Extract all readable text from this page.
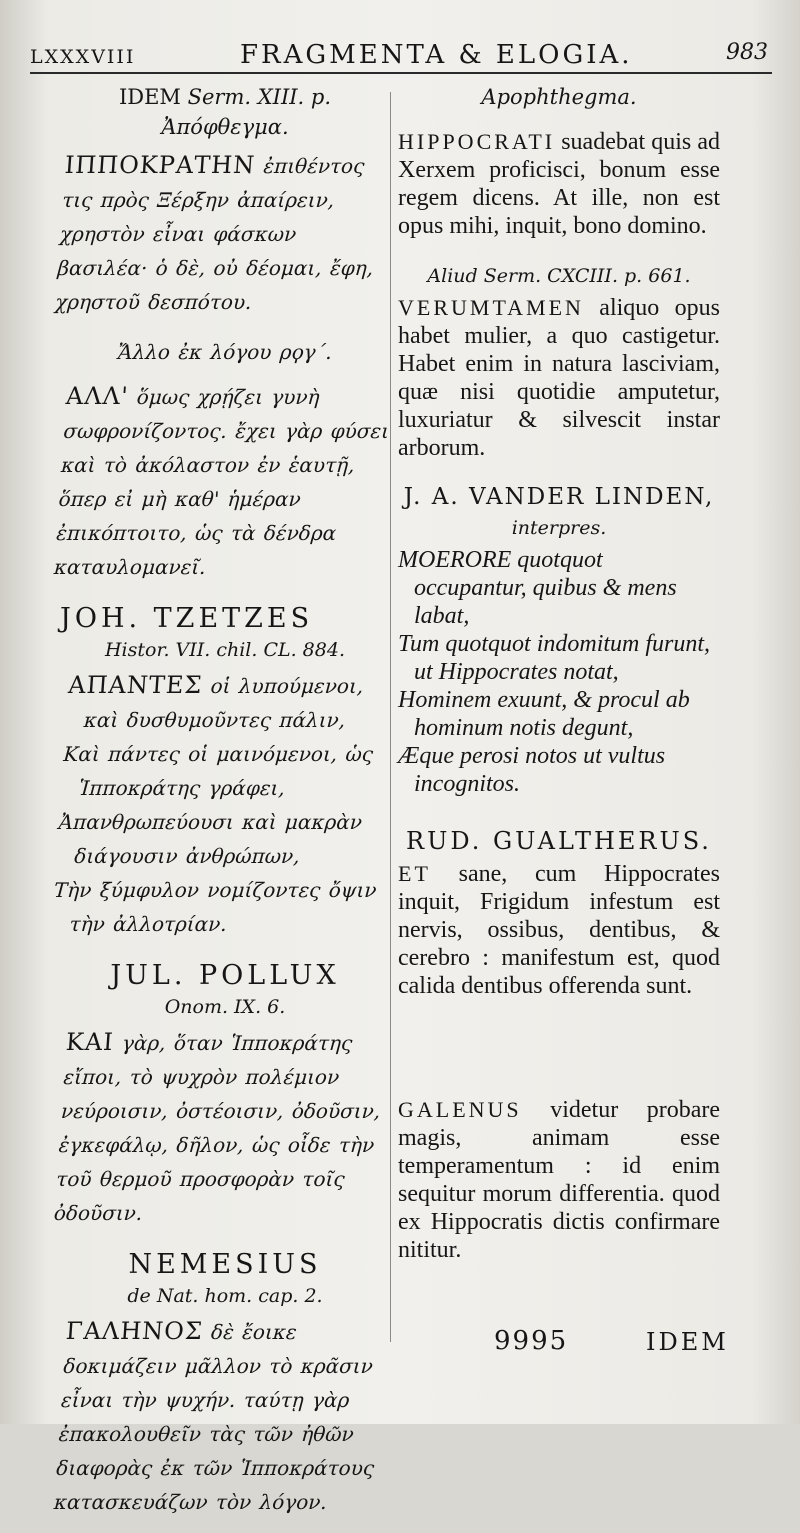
LXXXVIII	FRAGMENTA & ELOGIA.	983
IDEM Serm. XIII. p.
Ἀπόφθεγμα.
ΙΠΠΟΚΡΑΤΗΝ ἐπιθέντος τις πρὸς Ξέρξην ἀπαίρειν, χρηστὸν εἶναι φάσκων βασιλέα· ὁ δὲ, οὐ δέομαι, ἔφη, χρηστοῦ δεσπότου.
Ἄλλο ἐκ λόγου ρϙγ΄.
ΑΛΛ' ὅμως χρῄζει γυνὴ σωφρονίζοντος. ἔχει γὰρ φύσει καὶ τὸ ἀκόλαστον ἐν ἑαυτῇ, ὅπερ εἰ μὴ καθ' ἡμέραν ἐπικόπτοιτο, ὡς τὰ δένδρα καταυλομανεῖ.
JOH. TZETZES
Histor. VII. chil. CL. 884.

ΑΠΑΝΤΕΣ οἱ λυπούμενοι, καὶ δυσθυμοῦντες πάλιν,

Καὶ πάντες οἱ μαινόμενοι, ὡς Ἱπποκράτης γράφει,

Ἀπανθρωπεύουσι καὶ μακρὰν διάγουσιν ἀνθρώπων,

Τὴν ξύμφυλον νομίζοντες ὄψιν τὴν ἀλλοτρίαν.

JUL. POLLUX
Onom. IX. 6.
ΚΑΙ γὰρ, ὅταν Ἱπποκράτης εἴποι, τὸ ψυχρὸν πολέμιον νεύροισιν, ὀστέοισιν, ὀδοῦσιν, ἐγκεφάλῳ, δῆλον, ὡς οἶδε τὴν τοῦ θερμοῦ προσφορὰν τοῖς ὀδοῦσιν.
NEMESIUS
de Nat. hom. cap. 2.
ΓΑΛΗΝΟΣ δὲ ἔοικε δοκιμάζειν μᾶλλον τὸ κρᾶσιν εἶναι τὴν ψυχήν. ταύτῃ γὰρ ἐπακολουθεῖν τὰς τῶν ἠθῶν διαφορὰς ἐκ τῶν Ἱπποκράτους κατασκευάζων τὸν λόγον.
Apophthegma.
HIPPOCRATI suadebat quis ad Xerxem proficisci, bonum esse regem dicens. At ille, non est opus mihi, inquit, bono domino.
Aliud Serm. CXCIII. p. 661.
VERUMTAMEN aliquo opus habet mulier, a quo castigetur. Habet enim in natura lasciviam, quæ nisi quotidie amputetur, luxuriatur & silvescit instar arborum.
J. A. VANDER LINDEN,
interpres.
MOERORE quotquot occupantur, quibus & mens labat,
Tum quotquot indomitum furunt, ut Hippocrates notat,
Hominem exuunt, & procul ab hominum notis degunt,
Æque perosi notos ut vultus incognitos.
RUD. GUALTHERUS.
ET sane, cum Hippocrates inquit, Frigidum infestum est nervis, ossibus, dentibus, & cerebro : manifestum est, quod calida dentibus offerenda sunt.
GALENUS videtur probare magis, animam esse temperamentum : id enim sequitur morum differentia. quod ex Hippocratis dictis confirmare nititur.
9995	IDEM
